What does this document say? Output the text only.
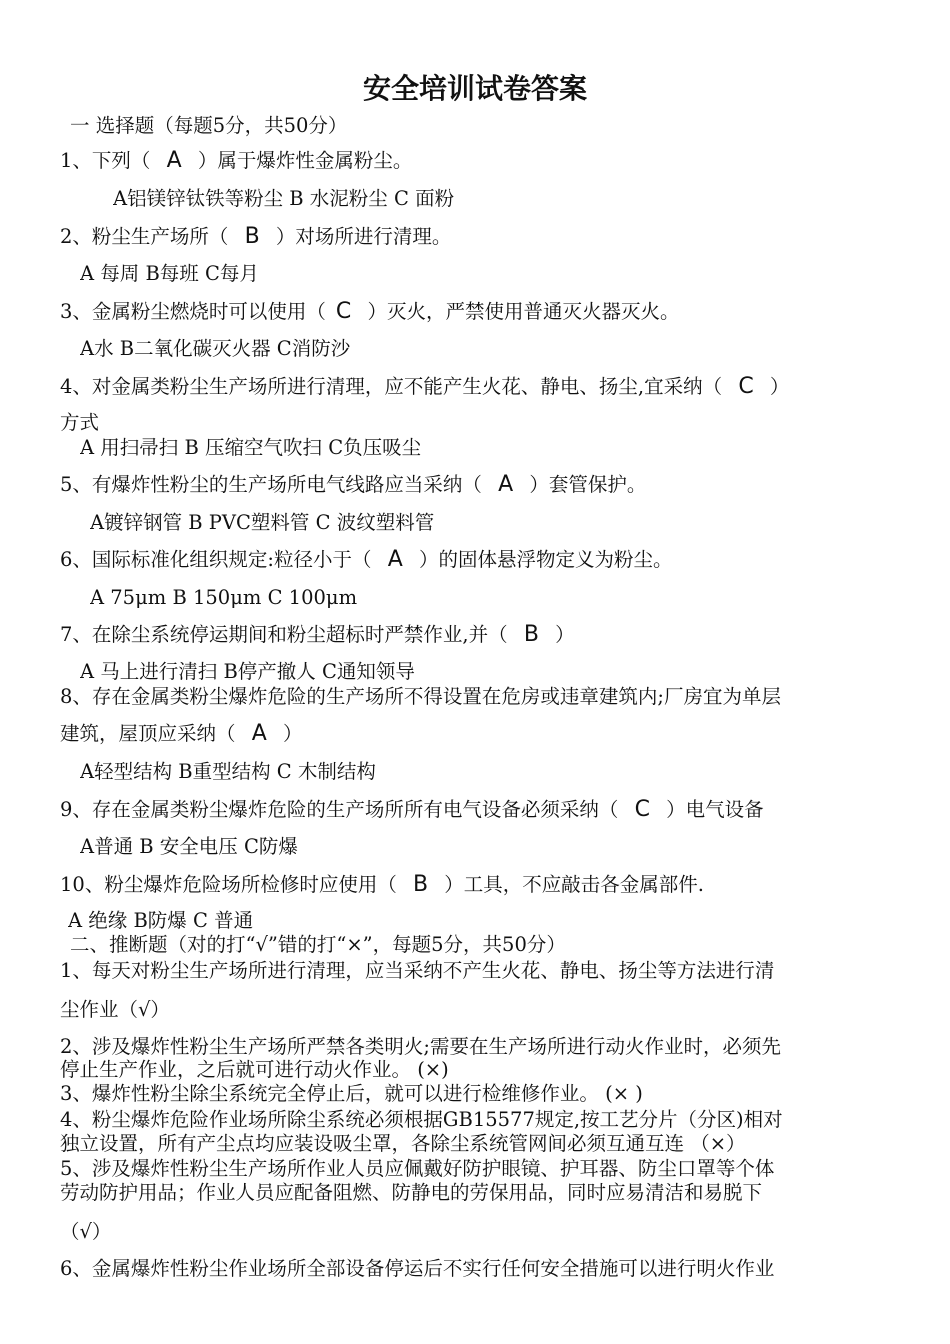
安全培训试卷答案
一 选择题（每题5分，共50分）
1、下列（ A ）属于爆炸性金属粉尘。
A铝镁锌钛铁等粉尘 B 水泥粉尘 C 面粉
2、粉尘生产场所（ B ）对场所进行清理。
A 每周 B每班 C每月
3、金属粉尘燃烧时可以使用（ C ）灭火，严禁使用普通灭火器灭火。
A水 B二氧化碳灭火器 C消防沙
4、对金属类粉尘生产场所进行清理，应不能产生火花、静电、扬尘,宜采纳（ C ）
方式
A 用扫帚扫 B 压缩空气吹扫 C负压吸尘
5、有爆炸性粉尘的生产场所电气线路应当采纳（ A ）套管保护。
A镀锌钢管 B PVC塑料管 C 波纹塑料管
6、国际标准化组织规定:粒径小于（ A ）的固体悬浮物定义为粉尘。
A 75μm B 150μm C 100μm
7、在除尘系统停运期间和粉尘超标时严禁作业,并（ B ）
A 马上进行清扫 B停产撤人 C通知领导
8、存在金属类粉尘爆炸危险的生产场所不得设置在危房或违章建筑内;厂房宜为单层
建筑，屋顶应采纳（ A ）
A轻型结构 B重型结构 C 木制结构
9、存在金属类粉尘爆炸危险的生产场所所有电气设备必须采纳（ C ）电气设备
A普通 B 安全电压 C防爆
10、粉尘爆炸危险场所检修时应使用（ B ）工具，不应敲击各金属部件.
A 绝缘 B防爆 C 普通
二、推断题（对的打“√”错的打“×”，每题5分，共50分）
1、每天对粉尘生产场所进行清理，应当采纳不产生火花、静电、扬尘等方法进行清
尘作业（√）
2、涉及爆炸性粉尘生产场所严禁各类明火;需要在生产场所进行动火作业时，必须先
停止生产作业，之后就可进行动火作业。 (×)
3、爆炸性粉尘除尘系统完全停止后，就可以进行检维修作业。 (× )
4、粉尘爆炸危险作业场所除尘系统必须根据GB15577规定,按工艺分片（分区)相对
独立设置，所有产尘点均应装设吸尘罩，各除尘系统管网间必须互通互连 （×）
5、涉及爆炸性粉尘生产场所作业人员应佩戴好防护眼镜、护耳器、防尘口罩等个体
劳动防护用品；作业人员应配备阻燃、防静电的劳保用品，同时应易清洁和易脱下
（√）
6、金属爆炸性粉尘作业场所全部设备停运后不实行任何安全措施可以进行明火作业
